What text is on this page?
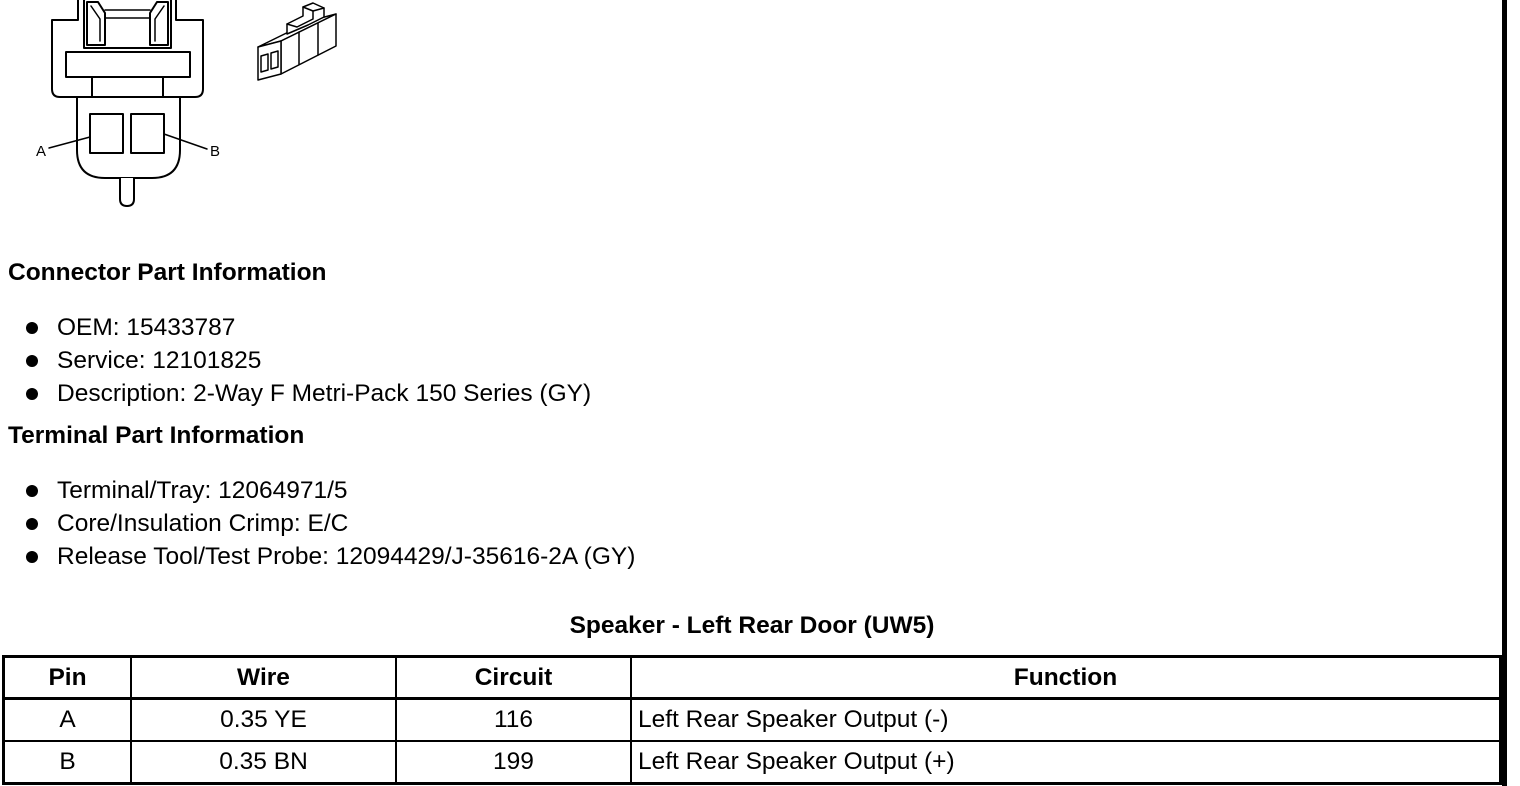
A	B
Connector Part Information
OEM: 15433787
Service: 12101825
Description: 2-Way F Metri-Pack 150 Series (GY)
Terminal Part Information
Terminal/Tray: 12064971/5
Core/Insulation Crimp: E/C
Release Tool/Test Probe: 12094429/J-35616-2A (GY)
Speaker - Left Rear Door (UW5)
Pin	Wire	Circuit	Function
A	0.35 YE	116	Left Rear Speaker Output (-)
B	0.35 BN	199	Left Rear Speaker Output (+)
